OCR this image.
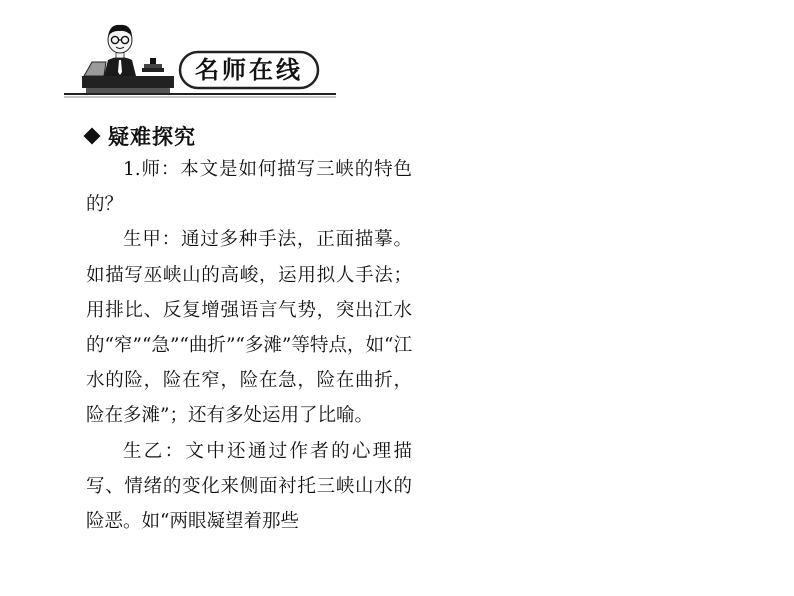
名师在线
疑难探究

1.师：本文是如何描写三峡的特色的？

生甲：通过多种手法，正面描摹。如描写巫峡山的高峻，运用拟人手法；用排比、反复增强语言气势，突出江水的“窄”“急”“曲折”“多滩”等特点，如“江水的险，险在窄，险在急，险在曲折，险在多滩”；还有多处运用了比喻。

生乙：文中还通过作者的心理描写、情绪的变化来侧面衬托三峡山水的险恶。如“两眼凝望着那些
